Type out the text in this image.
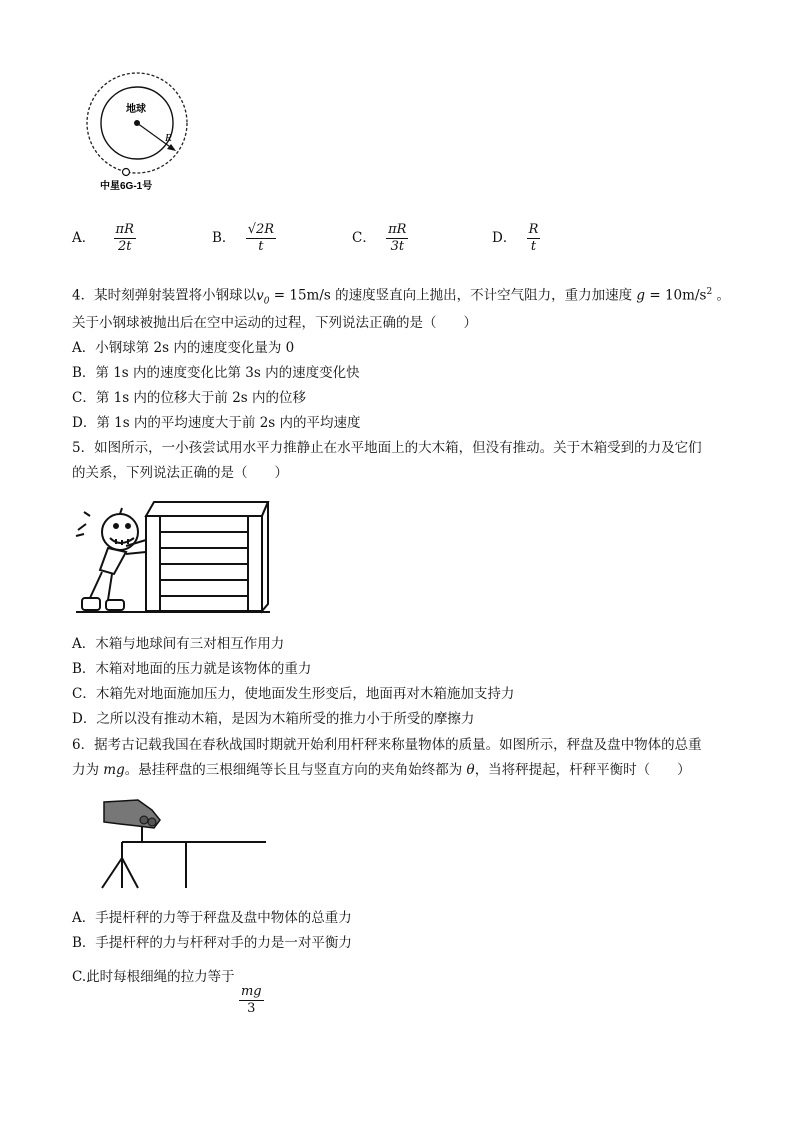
地球
R
中星6G-1号
A． $\frac{\pi R}{2t}$	B． $\frac{√2R}{t}$	C． $\frac{\pi R}{3t}$	D． $\frac{R}{t}$
4．某时刻弹射装置将小钢球以$v_0 = 15m/s$ 的速度竖直向上抛出，不计空气阻力，重力加速度 $g = 10m/s^2$ 。
关于小钢球被抛出后在空中运动的过程，下列说法正确的是（　　）
A．小钢球第 2s 内的速度变化量为 0
B．第 1s 内的速度变化比第 3s 内的速度变化快
C．第 1s 内的位移大于前 2s 内的位移
D．第 1s 内的平均速度大于前 2s 内的平均速度
5．如图所示，一小孩尝试用水平力推静止在水平地面上的大木箱，但没有推动。关于木箱受到的力及它们
的关系，下列说法正确的是（　　）
A．木箱与地球间有三对相互作用力
B．木箱对地面的压力就是该物体的重力
C．木箱先对地面施加压力，使地面发生形变后，地面再对木箱施加支持力
D．之所以没有推动木箱，是因为木箱所受的推力小于所受的摩擦力
6．据考古记载我国在春秋战国时期就开始利用杆秤来称量物体的质量。如图所示，秤盘及盘中物体的总重
力为 mg。悬挂秤盘的三根细绳等长且与竖直方向的夹角始终都为 θ，当将秤提起，杆秤平衡时（　　）
A．手提杆秤的力等于秤盘及盘中物体的总重力
B．手提杆秤的力与杆秤对手的力是一对平衡力
C.此时每根细绳的拉力等于
$\frac{mg}{3}$
